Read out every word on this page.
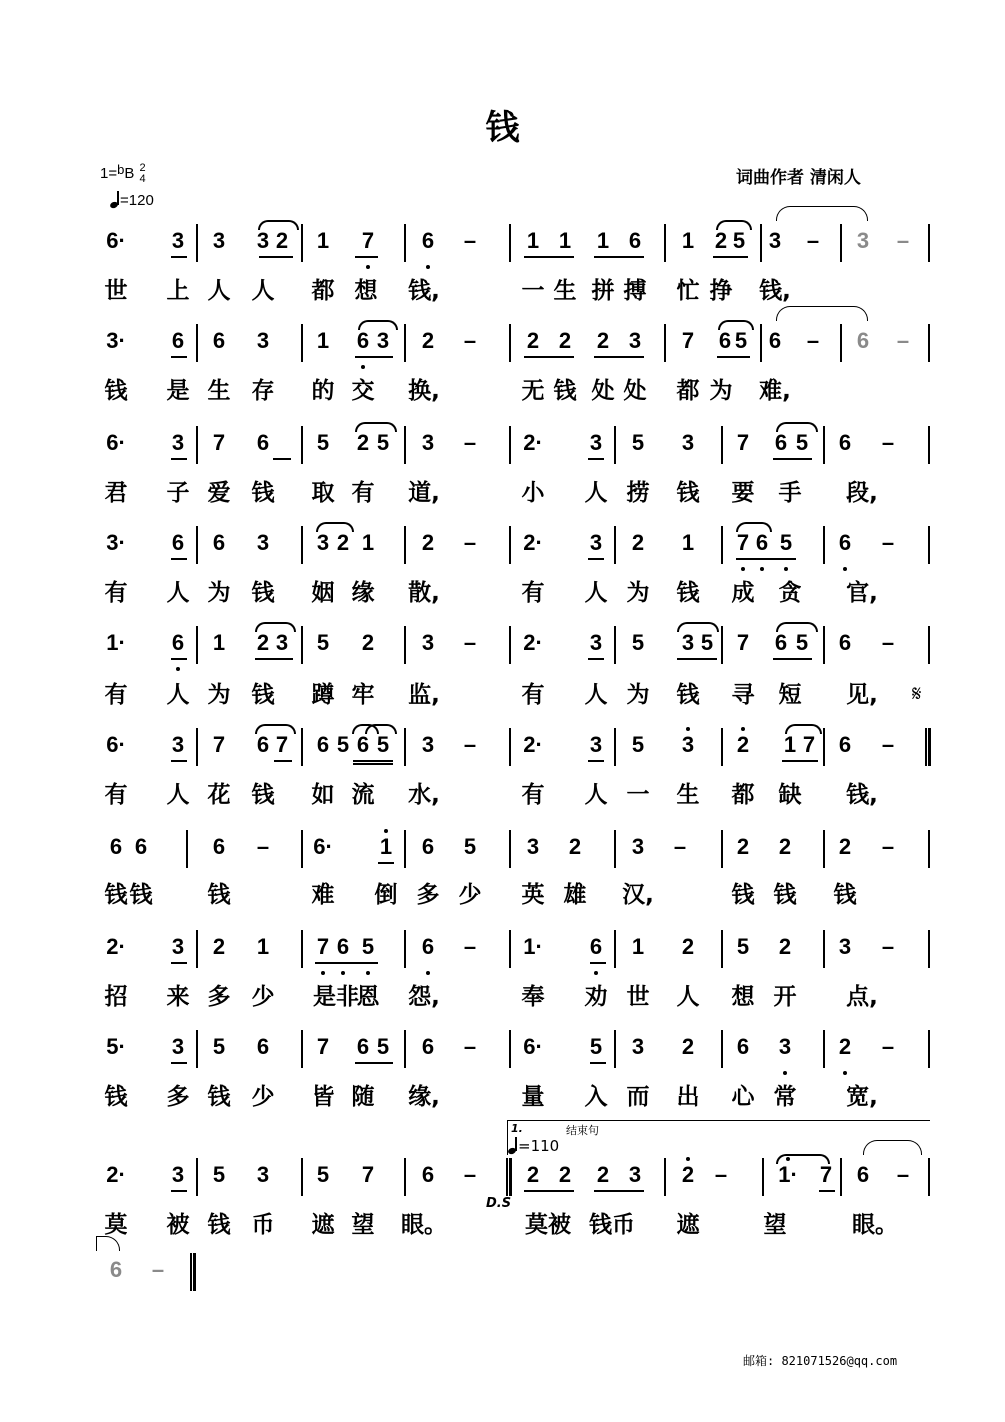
钱
1=bB 2
4
=120
词曲作者 清闲人
6· 3 3 3 2 1 7 6 – 1 1 1 6 1 2 5 3 – 3 –
世 上 人 人 都 想 钱,	一 生 拼 搏 忙 挣 钱,
3· 6 6 3 1 6 3 2 – 2 2 2 3 7 6 5 6 – 6 –
钱 是 生 存 的 交 换,	无 钱 处 处 都 为 难,
6· 3 7 6 5 2 5 3 – 2· 3 5 3 7 6 5 6 –
君 子 爱 钱 取 有 道,	小 人 捞 钱 要 手 段,
3· 6 6 3 3 2 1 2 – 2· 3 2 1 7 6 5 6 –
有 人 为 钱 姻 缘 散,	有 人 为 钱 成 贪 官,
1· 6 1 2 3 5 2 3 – 2· 3 5 3 5 7 6 5 6 –
有 人 为 钱 蹲 牢 监,	有 人 为 钱 寻 短 见,
6· 3 7 6 7 6 5 6 5 3 – 2· 3 5 3 2 1 7 6 –
有 人 花 钱 如 流 水,	有 人 一 生 都 缺 钱,
6 6	6 – 6· 1 6 5 3 2 3 – 2 2 2 –
钱 钱 钱	难 倒 多 少 英 雄 汉,	钱 钱 钱
2· 3 2 1 7 6 5 6 – 1· 6 1 2 5 2 3 –
招 来 多 少 是非
恩 怨,	奉 劝 世 人 想 开 点,
5· 3 5 6 7 6 5 6 – 6· 5 3 2 6 3 2 –
钱 多 钱 少 皆 随 缘,	量 入 而 出 心 常 宽,
2· 3 5 3 5 7 6 – 2 2 2 3 2 – 1· 7 6 –
莫 被 钱 币 遮 望 眼。	莫被 钱币 遮	望	眼。
6 –
𝄋
1.	结束句
=110
D.S
邮箱: 821071526@qq.com
